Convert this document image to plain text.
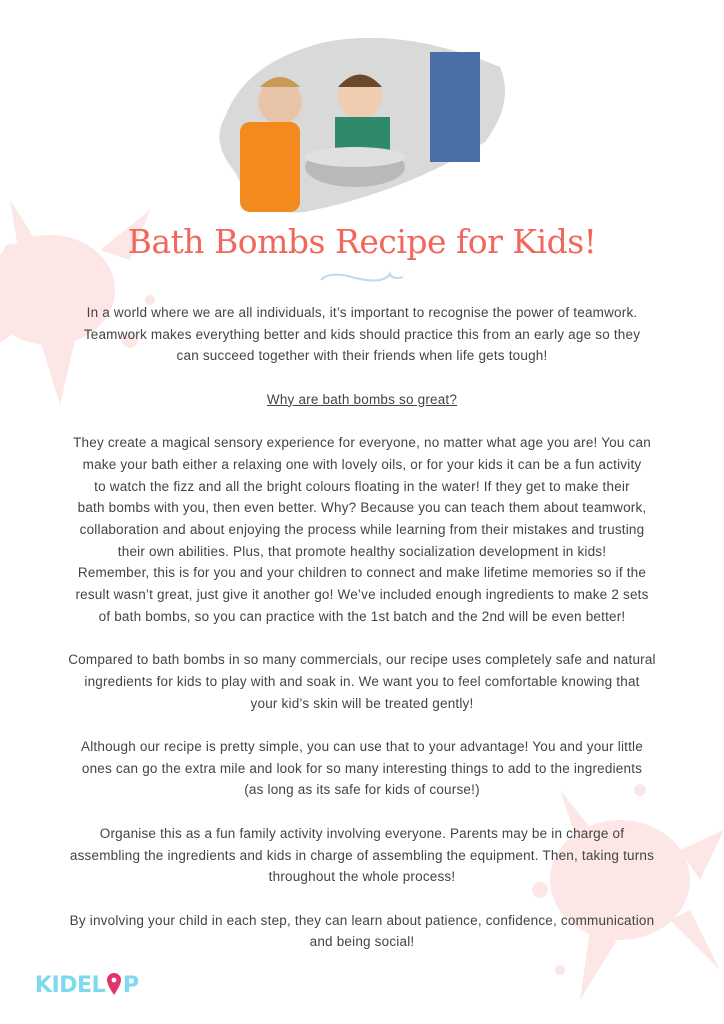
Bath Bombs Recipe for Kids!

In a world where we are all individuals, it’s important to recognise the power of teamwork.
Teamwork makes everything better and kids should practice this from an early age so they
can succeed together with their friends when life gets tough!

Why are bath bombs so great?

They create a magical sensory experience for everyone, no matter what age you are! You can
make your bath either a relaxing one with lovely oils, or for your kids it can be a fun activity
to watch the fizz and all the bright colours floating in the water! If they get to make their
bath bombs with you, then even better. Why? Because you can teach them about teamwork,
collaboration and about enjoying the process while learning from their mistakes and trusting
their own abilities. Plus, that promote healthy socialization development in kids!
Remember, this is for you and your children to connect and make lifetime memories so if the
result wasn’t great, just give it another go! We’ve included enough ingredients to make 2 sets
of bath bombs, so you can practice with the 1st batch and the 2nd will be even better!

Compared to bath bombs in so many commercials, our recipe uses completely safe and natural
ingredients for kids to play with and soak in. We want you to feel comfortable knowing that
your kid’s skin will be treated gently!

Although our recipe is pretty simple, you can use that to your advantage! You and your little
ones can go the extra mile and look for so many interesting things to add to the ingredients
(as long as its safe for kids of course!)

Organise this as a fun family activity involving everyone. Parents may be in charge of
assembling the ingredients and kids in charge of assembling the equipment. Then, taking turns
throughout the whole process!

By involving your child in each step, they can learn about patience, confidence, communication
and being social!

KIDEL P
